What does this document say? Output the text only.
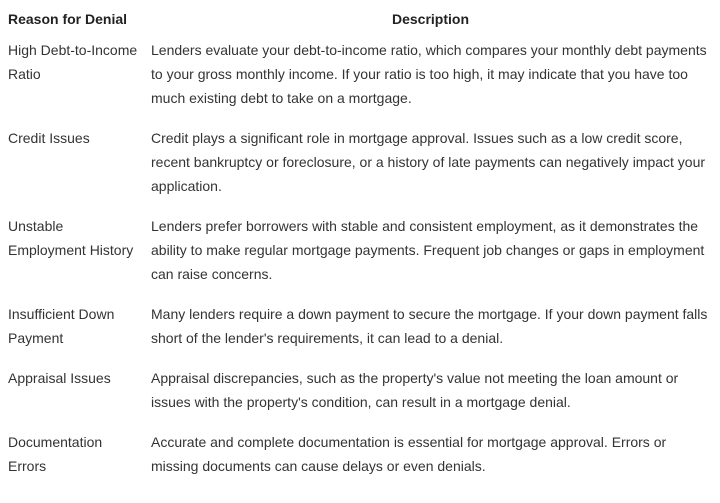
Reason for Denial	Description
High Debt-to-Income Ratio	Lenders evaluate your debt-to-income ratio, which compares your monthly debt payments to your gross monthly income. If your ratio is too high, it may indicate that you have too much existing debt to take on a mortgage.
Credit Issues	Credit plays a significant role in mortgage approval. Issues such as a low credit score, recent bankruptcy or foreclosure, or a history of late payments can negatively impact your application.
Unstable Employment History	Lenders prefer borrowers with stable and consistent employment, as it demonstrates the ability to make regular mortgage payments. Frequent job changes or gaps in employment can raise concerns.
Insufficient Down Payment	Many lenders require a down payment to secure the mortgage. If your down payment falls short of the lender's requirements, it can lead to a denial.
Appraisal Issues	Appraisal discrepancies, such as the property's value not meeting the loan amount or issues with the property's condition, can result in a mortgage denial.
Documentation Errors	Accurate and complete documentation is essential for mortgage approval. Errors or missing documents can cause delays or even denials.
